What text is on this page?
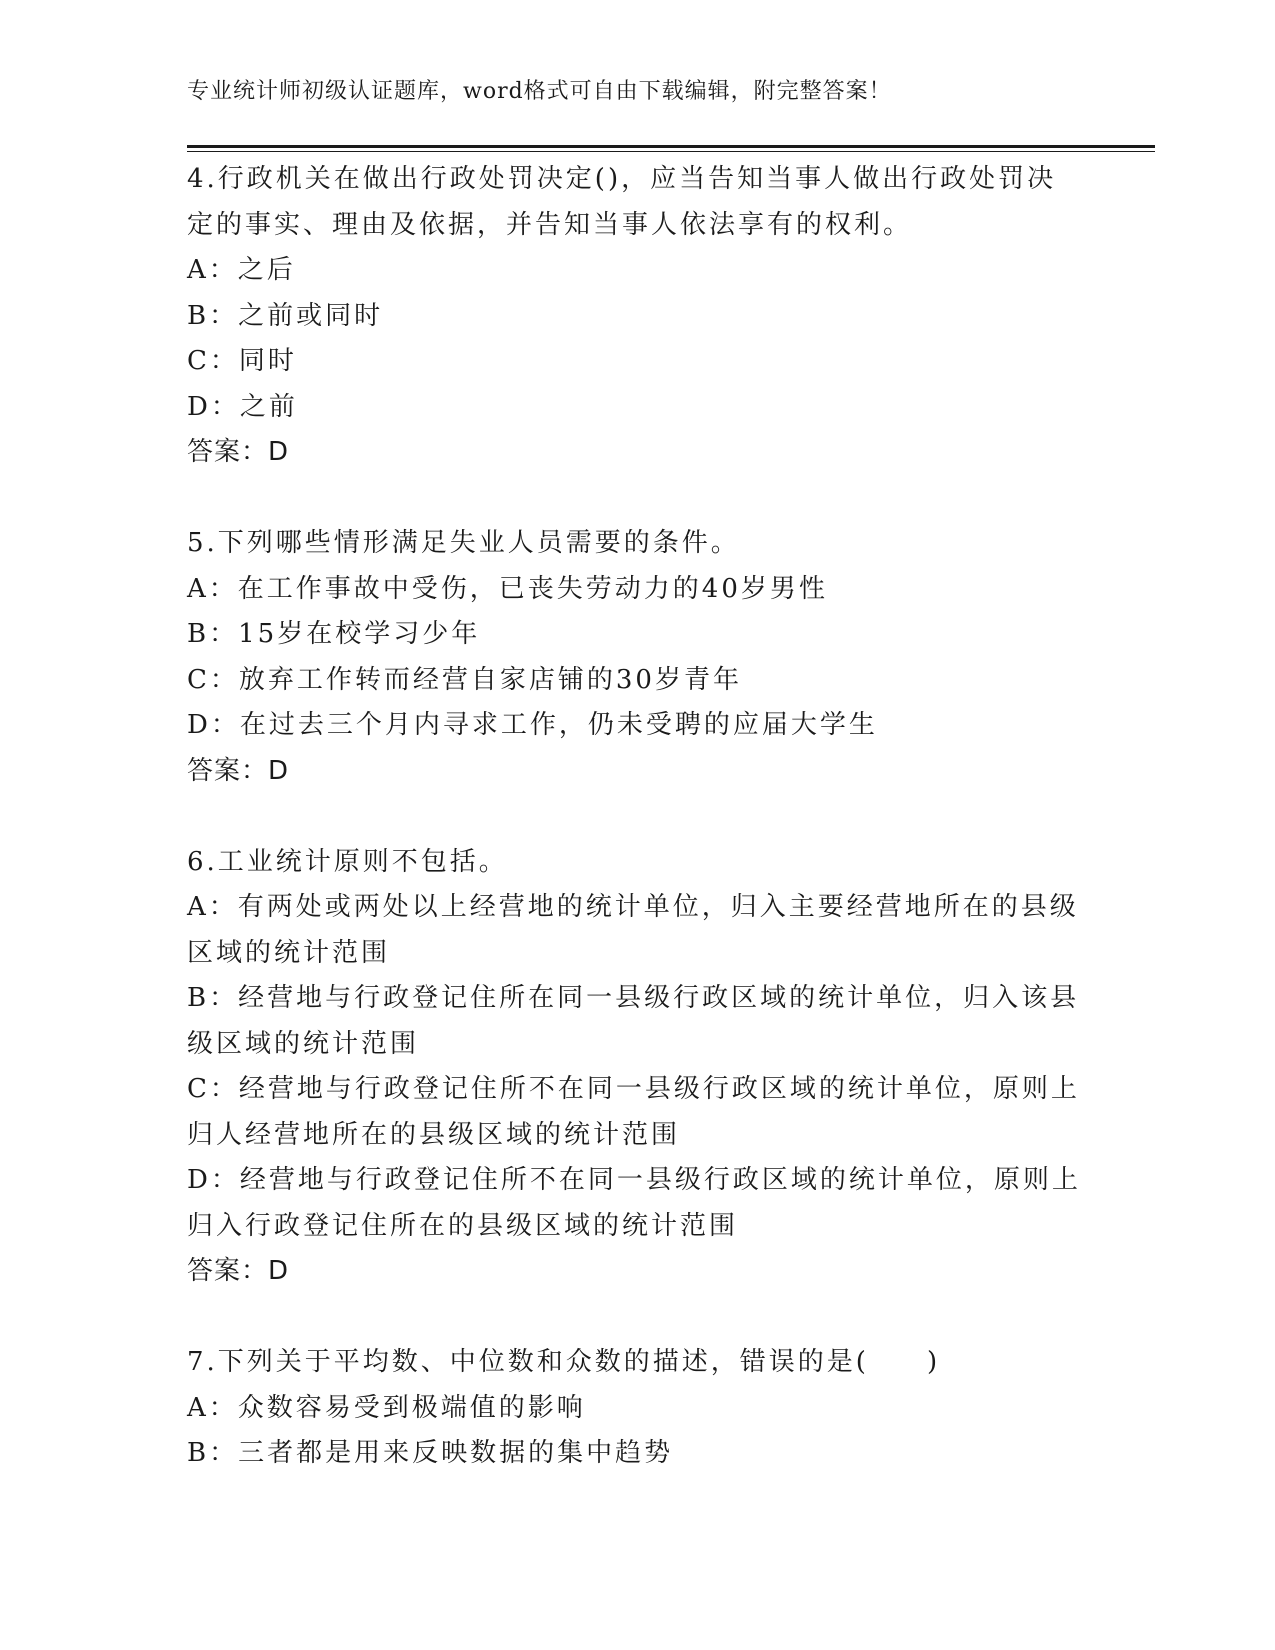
专业统计师初级认证题库，word格式可自由下载编辑，附完整答案！
4.行政机关在做出行政处罚决定()，应当告知当事人做出行政处罚决
定的事实、理由及依据，并告知当事人依法享有的权利。
A：之后
B：之前或同时
C：同时
D：之前
答案：D
5.下列哪些情形满足失业人员需要的条件。
A：在工作事故中受伤，已丧失劳动力的40岁男性
B：15岁在校学习少年
C：放弃工作转而经营自家店铺的30岁青年
D：在过去三个月内寻求工作，仍未受聘的应届大学生
答案：D
6.工业统计原则不包括。
A：有两处或两处以上经营地的统计单位，归入主要经营地所在的县级
区域的统计范围
B：经营地与行政登记住所在同一县级行政区域的统计单位，归入该县
级区域的统计范围
C：经营地与行政登记住所不在同一县级行政区域的统计单位，原则上
归人经营地所在的县级区域的统计范围
D：经营地与行政登记住所不在同一县级行政区域的统计单位，原则上
归入行政登记住所在的县级区域的统计范围
答案：D
7.下列关于平均数、中位数和众数的描述，错误的是(　　)
A：众数容易受到极端值的影响
B：三者都是用来反映数据的集中趋势
